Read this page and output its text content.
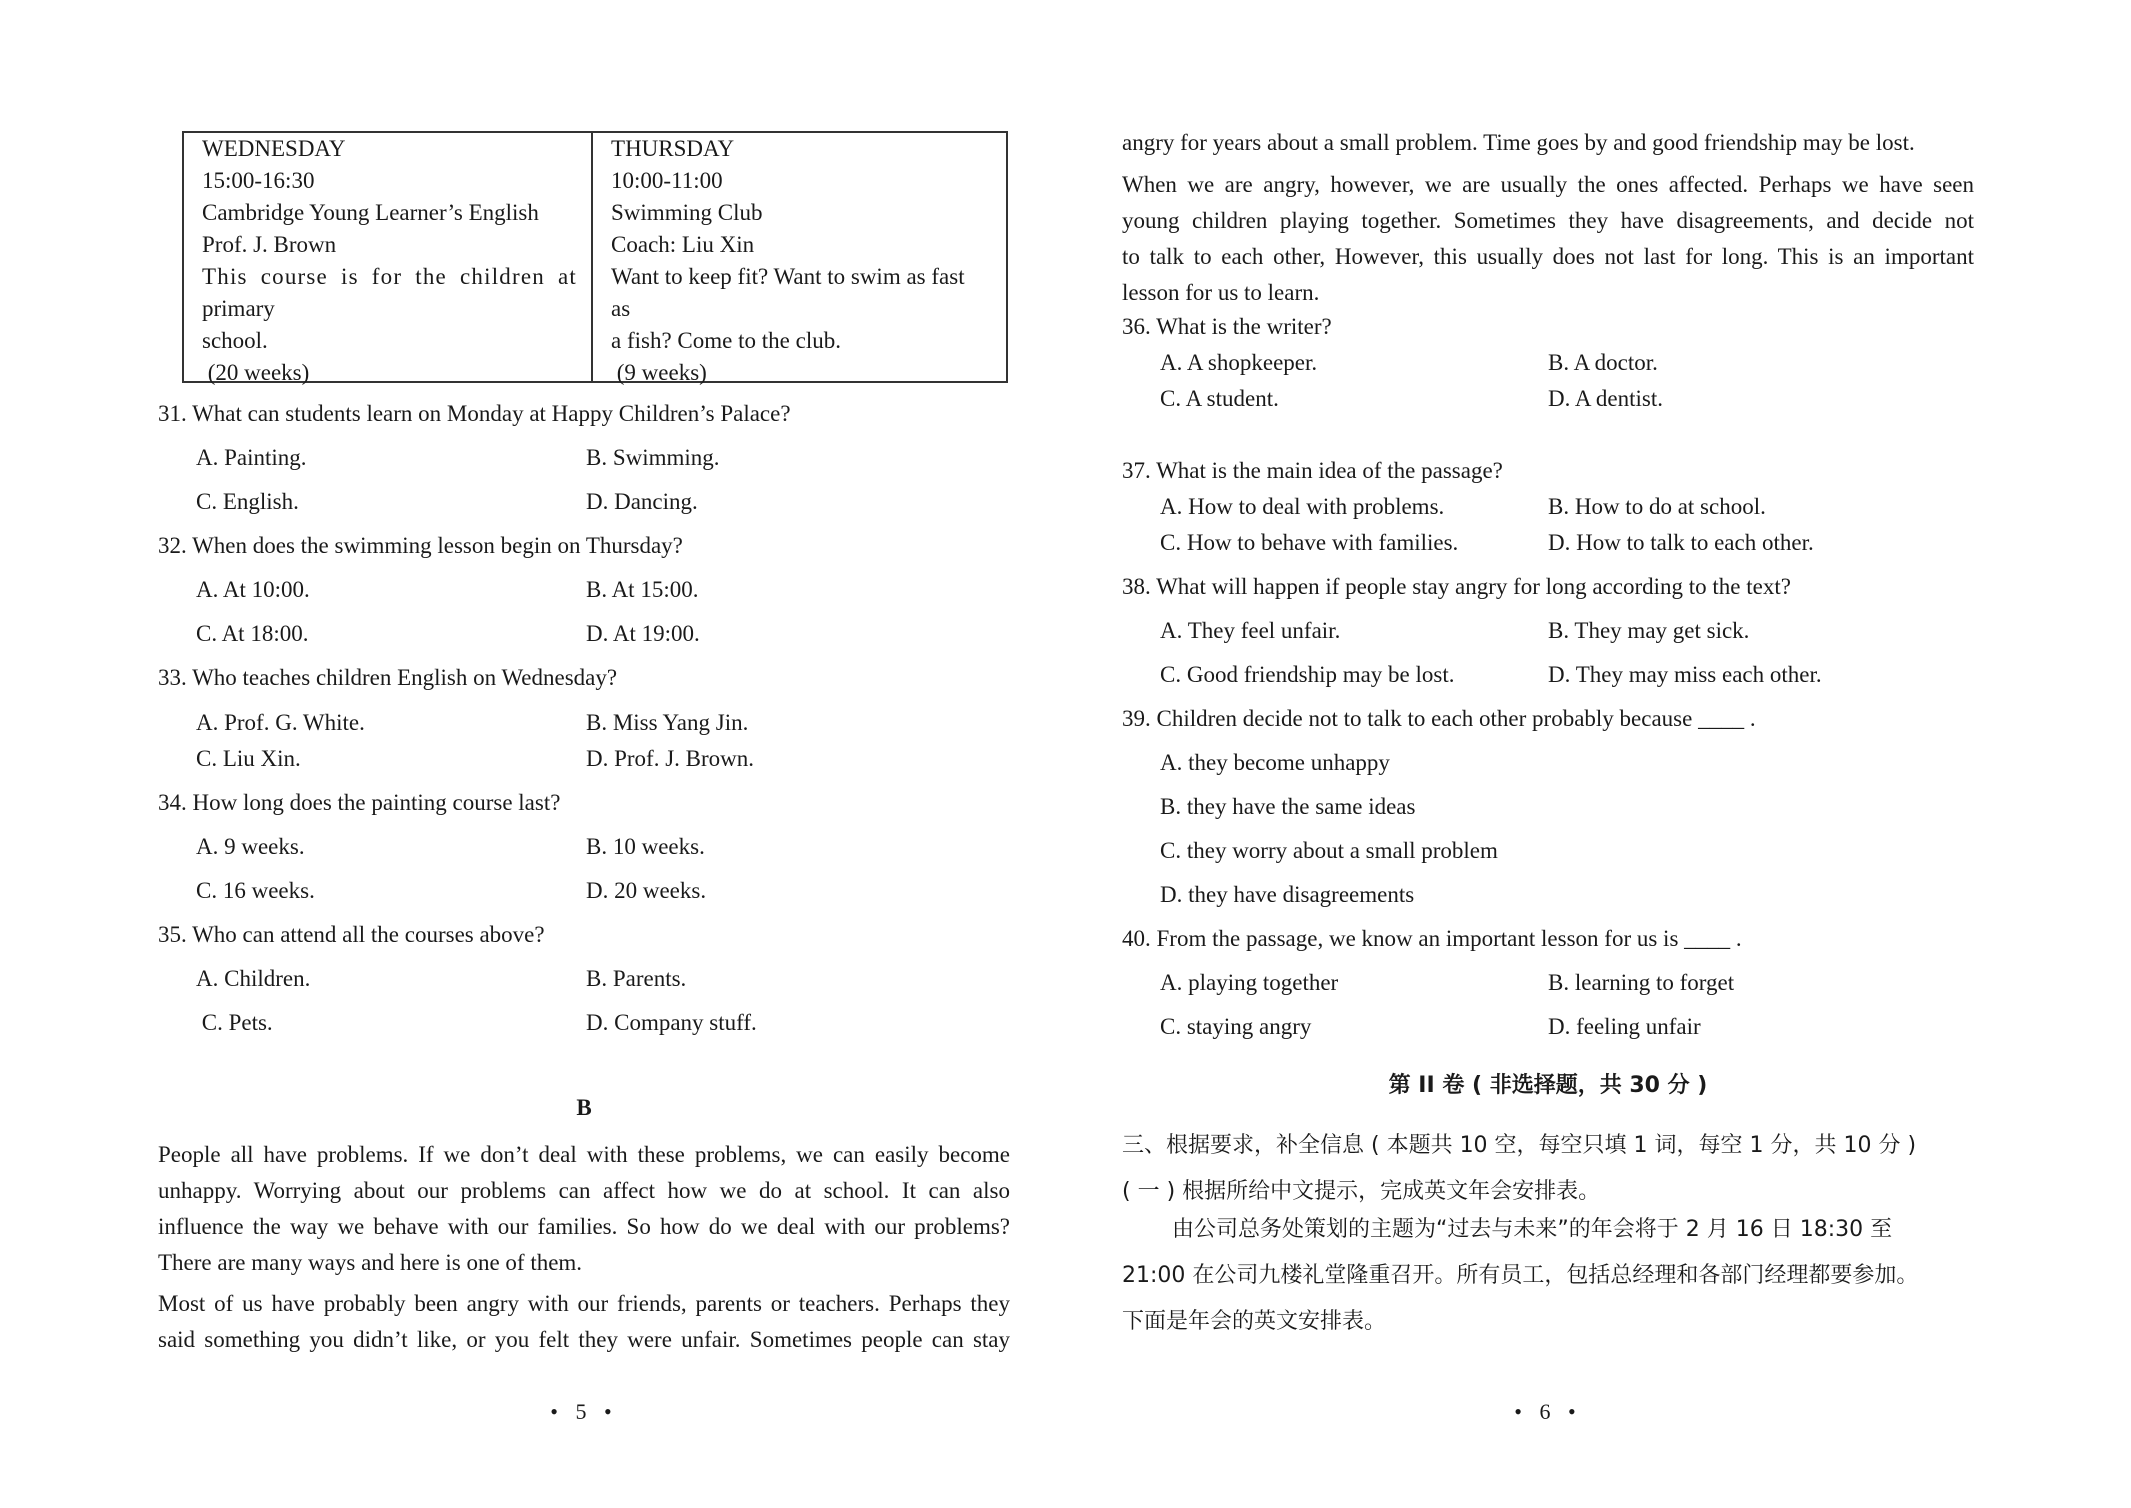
WEDNESDAY
15:00-16:30
Cambridge Young Learner’s English
Prof. J. Brown
This course is for the children at
primary
school.
(20 weeks)
THURSDAY
10:00-11:00
Swimming Club
Coach: Liu Xin
Want to keep fit? Want to swim as fast
as
a fish? Come to the club.
(9 weeks)
31. What can students learn on Monday at Happy Children’s Palace?
A. Painting.	B. Swimming.
C. English.	D. Dancing.
32. When does the swimming lesson begin on Thursday?
A. At 10:00.	B. At 15:00.
C. At 18:00.	D. At 19:00.
33. Who teaches children English on Wednesday?
A. Prof. G. White.	B. Miss Yang Jin.
C. Liu Xin.	D. Prof. J. Brown.
34. How long does the painting course last?
A. 9 weeks.	B. 10 weeks.
C. 16 weeks.	D. 20 weeks.
35. Who can attend all the courses above?
A. Children.	B. Parents.
C. Pets.	D. Company stuff.
B
People all have problems. If we don’t deal with these problems, we can easily become
unhappy. Worrying about our problems can affect how we do at school. It can also
influence the way we behave with our families. So how do we deal with our problems?
There are many ways and here is one of them.
Most of us have probably been angry with our friends, parents or teachers. Perhaps they
said something you didn’t like, or you felt they were unfair. Sometimes people can stay
• 5 •
angry for years about a small problem. Time goes by and good friendship may be lost.
When we are angry, however, we are usually the ones affected. Perhaps we have seen
young children playing together. Sometimes they have disagreements, and decide not
to talk to each other, However, this usually does not last for long. This is an important
lesson for us to learn.
36. What is the writer?
A. A shopkeeper.	B. A doctor.
C. A student.	D. A dentist.
37. What is the main idea of the passage?
A. How to deal with problems.	B. How to do at school.
C. How to behave with families.	D. How to talk to each other.
38. What will happen if people stay angry for long according to the text?
A. They feel unfair.	B. They may get sick.
C. Good friendship may be lost.	D. They may miss each other.
39. Children decide not to talk to each other probably because ____ .
A. they become unhappy
B. they have the same ideas
C. they worry about a small problem
D. they have disagreements
40. From the passage, we know an important lesson for us is ____ .
A. playing together	B. learning to forget
C. staying angry	D. feeling unfair
第 II 卷 ( 非选择题，共 30 分 )
三、根据要求，补全信息 ( 本题共 10 空，每空只填 1 词，每空 1 分，共 10 分 )
( 一 ) 根据所给中文提示，完成英文年会安排表。
由公司总务处策划的主题为“过去与未来”的年会将于 2 月 16 日 18:30 至
21:00 在公司九楼礼堂隆重召开。所有员工，包括总经理和各部门经理都要参加。
下面是年会的英文安排表。
• 6 •
